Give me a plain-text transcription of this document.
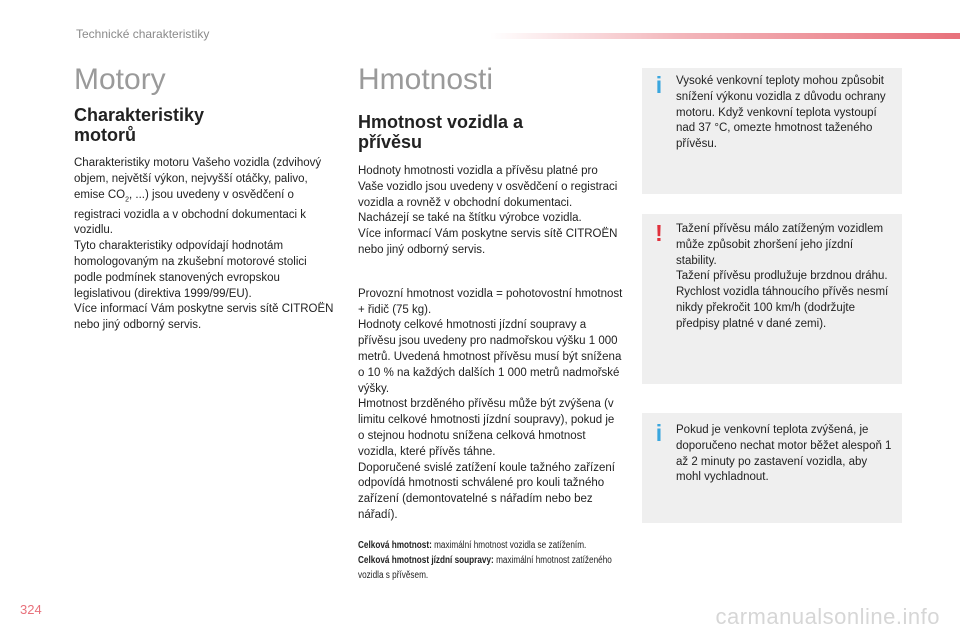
Technické charakteristiky
Motory
Charakteristiky motorů
Charakteristiky motoru Vašeho vozidla (zdvihový objem, největší výkon, nejvyšší otáčky, palivo, emise $CO_2$, ...) jsou uvedeny v osvědčení o registraci vozidla a v obchodní dokumentaci k vozidlu.
Tyto charakteristiky odpovídají hodnotám homologovaným na zkušební motorové stolici podle podmínek stanovených evropskou legislativou (direktiva 1999/99/EU).
Více informací Vám poskytne servis sítě CITROËN nebo jiný odborný servis.
Hmotnosti
Hmotnost vozidla a přívěsu
Hodnoty hmotnosti vozidla a přívěsu platné pro Vaše vozidlo jsou uvedeny v osvědčení o registraci vozidla a rovněž v obchodní dokumentaci.
Nacházejí se také na štítku výrobce vozidla.
Více informací Vám poskytne servis sítě CITROËN nebo jiný odborný servis.
Provozní hmotnost vozidla = pohotovostní hmotnost + řidič (75 kg).
Hodnoty celkové hmotnosti jízdní soupravy a přívěsu jsou uvedeny pro nadmořskou výšku 1 000 metrů. Uvedená hmotnost přívěsu musí být snížena o 10 % na každých dalších 1 000 metrů nadmořské výšky.
Hmotnost brzděného přívěsu může být zvýšena (v limitu celkové hmotnosti jízdní soupravy), pokud je o stejnou hodnotu snížena celková hmotnost vozidla, které přívěs táhne.
Doporučené svislé zatížení koule tažného zařízení odpovídá hmotnosti schválené pro kouli tažného zařízení (demontovatelné s nářadím nebo bez nářadí).
Celková hmotnost: maximální hmotnost vozidla se zatížením.
Celková hmotnost jízdní soupravy: maximální hmotnost zatíženého vozidla s přívěsem.
i Vysoké venkovní teploty mohou způsobit snížení výkonu vozidla z důvodu ochrany motoru. Když venkovní teplota vystoupí nad 37 °C, omezte hmotnost taženého přívěsu.
! Tažení přívěsu málo zatíženým vozidlem může způsobit zhoršení jeho jízdní stability.
Tažení přívěsu prodlužuje brzdnou dráhu.
Rychlost vozidla táhnoucího přívěs nesmí nikdy překročit 100 km/h (dodržujte předpisy platné v dané zemi).
i Pokud je venkovní teplota zvýšená, je doporučeno nechat motor běžet alespoň 1 až 2 minuty po zastavení vozidla, aby mohl vychladnout.
324	carmanualsonline.info
